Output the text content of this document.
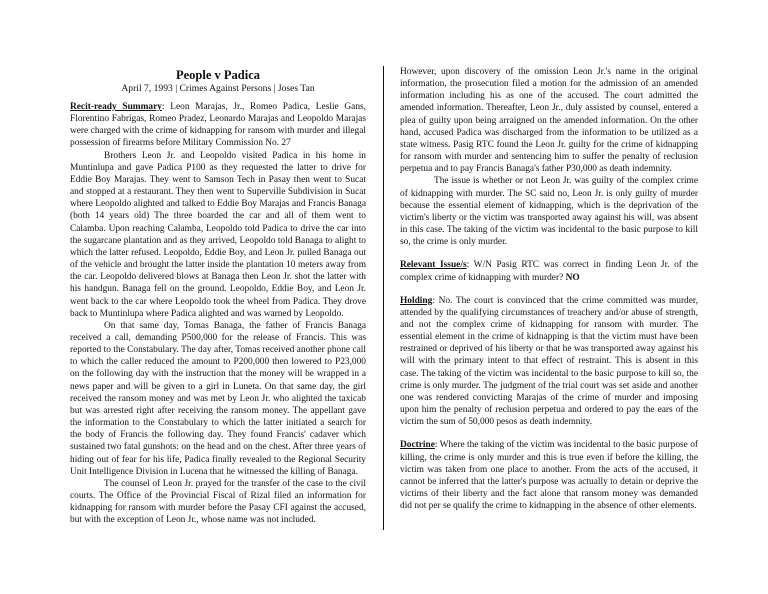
People v Padica
April 7, 1993 | Crimes Against Persons | Joses Tan

Recit-ready Summary: Leon Marajas, Jr., Romeo Padica, Leslie Gans, Florentino Fabrigas, Romeo Pradez, Leonardo Marajas and Leopoldo Marajas were charged with the crime of kidnapping for ransom with murder and illegal possession of firearms before Military Commission No. 27

Brothers Leon Jr. and Leopoldo visited Padica in his home in Muntinlupa and gave Padica P100 as they requested the latter to drive for Eddie Boy Marajas. They went to Samson Tech in Pasay then went to Sucat and stopped at a restaurant. They then went to Superville Subdivision in Sucat where Leopoldo alighted and talked to Eddie Boy Marajas and Francis Banaga (both 14 years old) The three boarded the car and all of them went to Calamba. Upon reaching Calamba, Leopoldo told Padica to drive the car into the sugarcane plantation and as they arrived, Leopoldo told Banaga to alight to which the latter refused. Leopoldo, Eddie Boy, and Leon Jr. pulled Banaga out of the vehicle and brought the latter inside the plantation 10 meters away from the car. Leopoldo delivered blows at Banaga then Leon Jr. shot the latter with his handgun. Banaga fell on the ground. Leopoldo, Eddie Boy, and Leon Jr. went back to the car where Leopoldo took the wheel from Padica. They drove back to Muntinlupa where Padica alighted and was warned by Leopoldo.

On that same day, Tomas Banaga, the father of Francis Banaga received a call, demanding P500,000 for the release of Francis. This was reported to the Constabulary. The day after, Tomas received another phone call to which the caller reduced the amount to P200,000 then lowered to P23,000 on the following day with the instruction that the money will be wrapped in a news paper and will be given to a girl in Luneta. On that same day, the girl received the ransom money and was met by Leon Jr. who alighted the taxicab but was arrested right after receiving the ransom money. The appellant gave the information to the Constabulary to which the latter initiated a search for the body of Francis the following day. They found Francis' cadaver which sustained two fatal gunshots: on the head and on the chest. After three years of hiding out of fear for his life, Padica finally revealed to the Regional Security Unit Intelligence Division in Lucena that he witnessed the killing of Banaga.

The counsel of Leon Jr. prayed for the transfer of the case to the civil courts. The Office of the Provincial Fiscal of Rizal filed an information for kidnapping for ransom with murder before the Pasay CFI against the accused, but with the exception of Leon Jr., whose name was not included.

However, upon discovery of the omission Leon Jr.'s name in the original information, the prosecution filed a motion for the admission of an amended information including his as one of the accused. The court admitted the amended information. Thereafter, Leon Jr., duly assisted by counsel, entered a plea of guilty upon being arraigned on the amended information. On the other hand, accused Padica was discharged from the information to be utilized as a state witness. Pasig RTC found the Leon Jr. guilty for the crime of kidnapping for ransom with murder and sentencing him to suffer the penalty of reclusion perpetua and to pay Francis Banaga's father P30,000 as death indemnity.

The issue is whether or not Leon Jr. was guilty of the complex crime of kidnapping with murder. The SC said no, Leon Jr. is only guilty of murder because the essential element of kidnapping, which is the deprivation of the victim's liberty or the victim was transported away against his will, was absent in this case. The taking of the victim was incidental to the basic purpose to kill so, the crime is only murder.

Relevant Issue/s: W/N Pasig RTC was correct in finding Leon Jr. of the complex crime of kidnapping with murder? NO

Holding: No. The court is convinced that the crime committed was murder, attended by the qualifying circumstances of treachery and/or abuse of strength, and not the complex crime of kidnapping for ransom with murder. The essential element in the crime of kidnapping is that the victim must have been restrained or deprived of his liberty or that he was transported away against his will with the primary intent to that effect of restraint. This is absent in this case. The taking of the victim was incidental to the basic purpose to kill so, the crime is only murder. The judgment of the trial court was set aside and another one was rendered convicting Marajas of the crime of murder and imposing upon him the penalty of reclusion perpetua and ordered to pay the ears of the victim the sum of 50,000 pesos as death indemnity.

Doctrine: Where the taking of the victim was incidental to the basic purpose of killing, the crime is only murder and this is true even if before the killing, the victim was taken from one place to another. From the acts of the accused, it cannot be inferred that the latter's purpose was actually to detain or deprive the victims of their liberty and the fact alone that ransom money was demanded did not per se qualify the crime to kidnapping in the absence of other elements.
